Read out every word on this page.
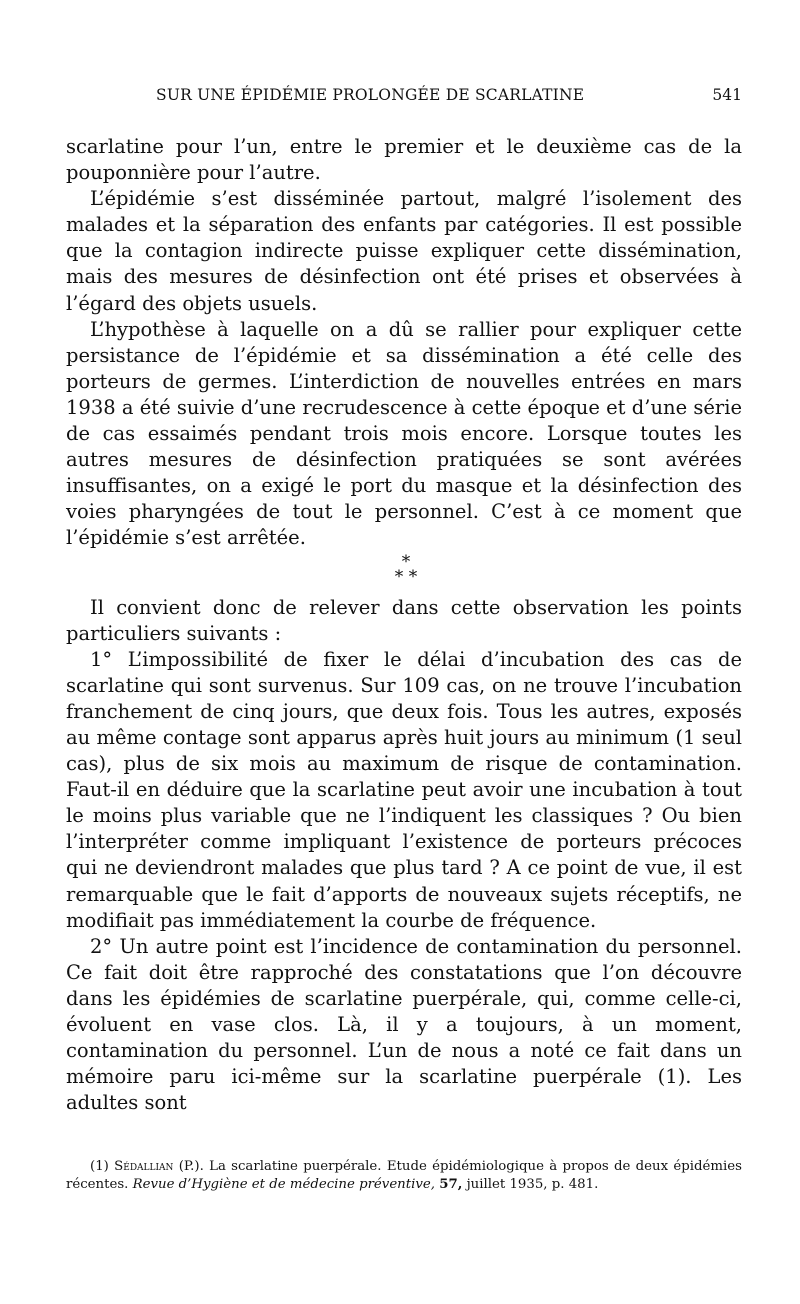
SUR UNE ÉPIDÉMIE PROLONGÉE DE SCARLATINE	541

scarlatine pour l’un, entre le premier et le deuxième cas de la pouponnière pour l’autre.

L’épidémie s’est disséminée partout, malgré l’isolement des malades et la séparation des enfants par catégories. Il est possible que la contagion indirecte puisse expliquer cette dissémination, mais des mesures de désinfection ont été prises et observées à l’égard des objets usuels.

L’hypothèse à laquelle on a dû se rallier pour expliquer cette persistance de l’épidémie et sa dissémination a été celle des porteurs de germes. L’interdiction de nouvelles entrées en mars 1938 a été suivie d’une recrudescence à cette époque et d’une série de cas essaimés pendant trois mois encore. Lorsque toutes les autres mesures de désinfection pratiquées se sont avérées insuffisantes, on a exigé le port du masque et la désinfection des voies pharyngées de tout le personnel. C’est à ce moment que l’épidémie s’est arrêtée.

*
* *

Il convient donc de relever dans cette observation les points particuliers suivants :

1° L’impossibilité de fixer le délai d’incubation des cas de scarlatine qui sont survenus. Sur 109 cas, on ne trouve l’incubation franchement de cinq jours, que deux fois. Tous les autres, exposés au même contage sont apparus après huit jours au minimum (1 seul cas), plus de six mois au maximum de risque de contamination. Faut-il en déduire que la scarlatine peut avoir une incubation à tout le moins plus variable que ne l’indiquent les classiques ? Ou bien l’interpréter comme impliquant l’existence de porteurs précoces qui ne deviendront malades que plus tard ? A ce point de vue, il est remarquable que le fait d’apports de nouveaux sujets réceptifs, ne modifiait pas immédiatement la courbe de fréquence.

2° Un autre point est l’incidence de contamination du personnel. Ce fait doit être rapproché des constatations que l’on découvre dans les épidémies de scarlatine puerpérale, qui, comme celle-ci, évoluent en vase clos. Là, il y a toujours, à un moment, contamination du personnel. L’un de nous a noté ce fait dans un mémoire paru ici-même sur la scarlatine puerpérale (1). Les adultes sont

(1) Sédallian (P.). La scarlatine puerpérale. Etude épidémiologique à propos de deux épidémies récentes. Revue d’Hygiène et de médecine préventive, 57, juillet 1935, p. 481.
